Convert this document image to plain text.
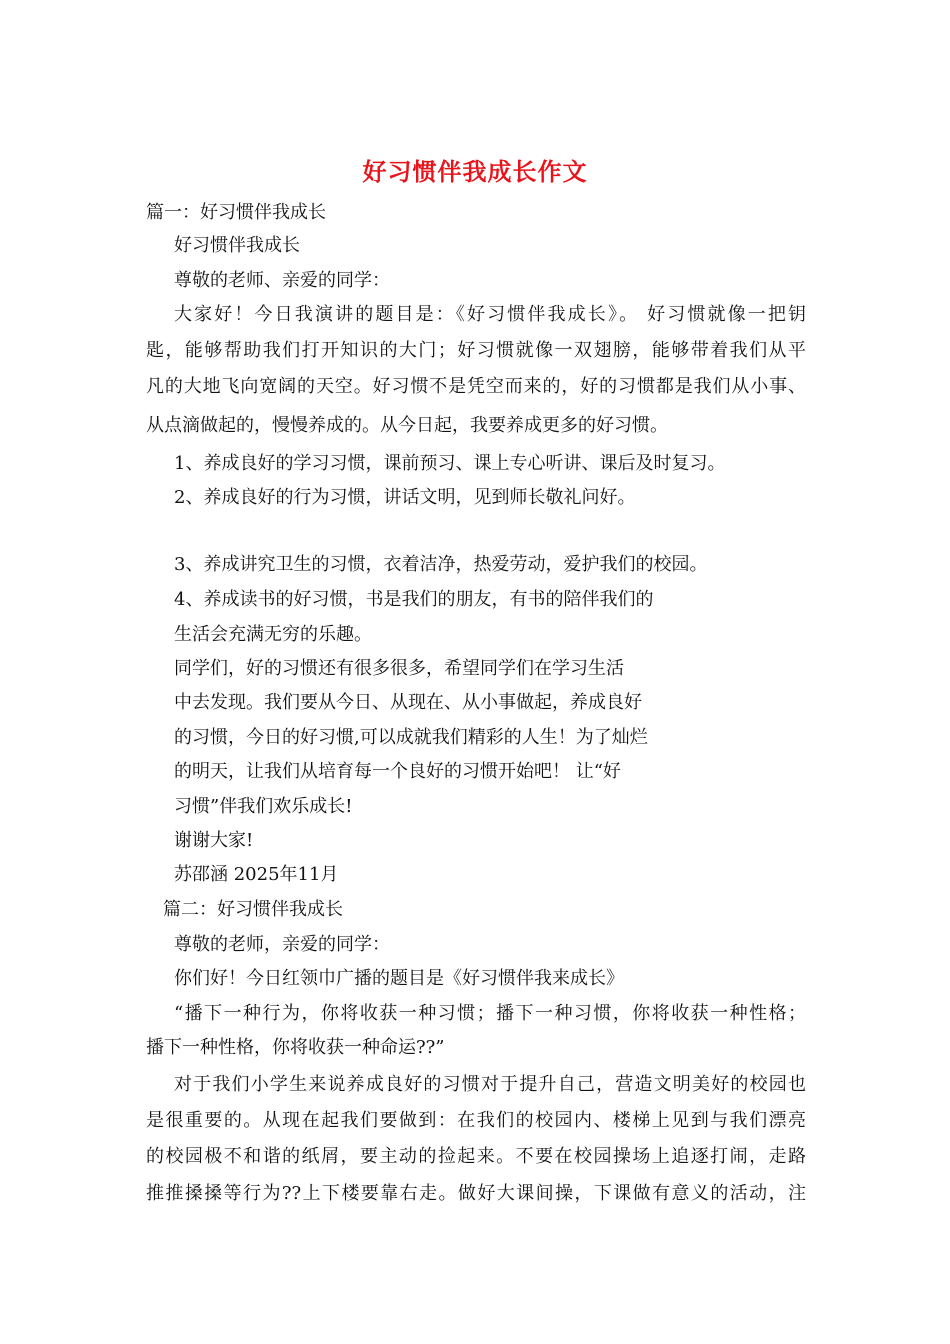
好习惯伴我成长作文
篇一：好习惯伴我成长
好习惯伴我成长
尊敬的老师、亲爱的同学：
大家好！今日我演讲的题目是：《好习惯伴我成长》。 好习惯就像一把钥
匙，能够帮助我们打开知识的大门；好习惯就像一双翅膀，能够带着我们从平
凡的大地飞向宽阔的天空。好习惯不是凭空而来的，好的习惯都是我们从小事、
从点滴做起的，慢慢养成的。从今日起，我要养成更多的好习惯。
1、养成良好的学习习惯，课前预习、课上专心听讲、课后及时复习。
2、养成良好的行为习惯，讲话文明，见到师长敬礼问好。
3、养成讲究卫生的习惯，衣着洁净，热爱劳动，爱护我们的校园。
4、养成读书的好习惯，书是我们的朋友，有书的陪伴我们的
生活会充满无穷的乐趣。
同学们，好的习惯还有很多很多，希望同学们在学习生活
中去发现。我们要从今日、从现在、从小事做起，养成良好
的习惯，今日的好习惯,可以成就我们精彩的人生！为了灿烂
的明天，让我们从培育每一个良好的习惯开始吧！ 让“好
习惯”伴我们欢乐成长!
谢谢大家!
苏邵涵 2025年11月
篇二：好习惯伴我成长
尊敬的老师，亲爱的同学：
你们好！今日红领巾广播的题目是《好习惯伴我来成长》
“播下一种行为，你将收获一种习惯；播下一种习惯，你将收获一种性格；
播下一种性格，你将收获一种命运??”
对于我们小学生来说养成良好的习惯对于提升自己，营造文明美好的校园也
是很重要的。从现在起我们要做到：在我们的校园内、楼梯上见到与我们漂亮
的校园极不和谐的纸屑，要主动的捡起来。不要在校园操场上追逐打闹，走路
推推搡搡等行为??上下楼要靠右走。做好大课间操，下课做有意义的活动，注
